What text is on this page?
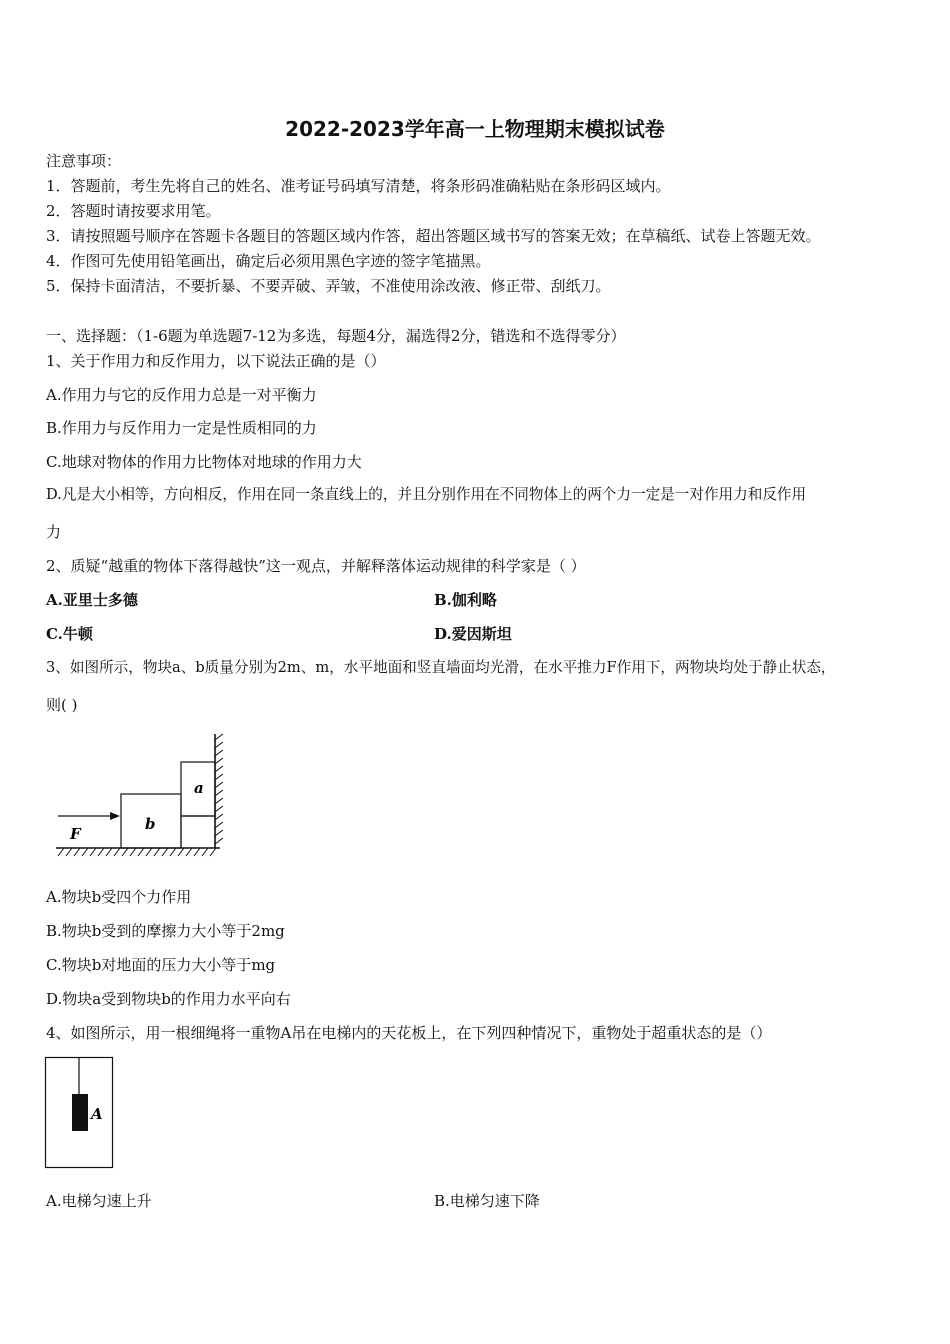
2022-2023学年高一上物理期末模拟试卷
注意事项：
1．答题前，考生先将自己的姓名、准考证号码填写清楚，将条形码准确粘贴在条形码区域内。
2．答题时请按要求用笔。
3．请按照题号顺序在答题卡各题目的答题区域内作答，超出答题区域书写的答案无效；在草稿纸、试卷上答题无效。
4．作图可先使用铅笔画出，确定后必须用黑色字迹的签字笔描黑。
5．保持卡面清洁，不要折暴、不要弄破、弄皱，不准使用涂改液、修正带、刮纸刀。
一、选择题：（1-6题为单选题7-12为多选，每题4分，漏选得2分，错选和不选得零分）
1、关于作用力和反作用力，以下说法正确的是（）
A.作用力与它的反作用力总是一对平衡力
B.作用力与反作用力一定是性质相同的力
C.地球对物体的作用力比物体对地球的作用力大
D.凡是大小相等，方向相反，作用在同一条直线上的，并且分别作用在不同物体上的两个力一定是一对作用力和反作用
力
2、质疑“越重的物体下落得越快”这一观点，并解释落体运动规律的科学家是（ ）
A.亚里士多德	B.伽利略
C.牛顿	D.爱因斯坦
3、如图所示，物块a、b质量分别为2m、m，水平地面和竖直墙面均光滑，在水平推力F作用下，两物块均处于静止状态，
则( )
F
b
a
A.物块b受四个力作用
B.物块b受到的摩擦力大小等于2mg
C.物块b对地面的压力大小等于mg
D.物块a受到物块b的作用力水平向右
4、如图所示，用一根细绳将一重物A吊在电梯内的天花板上，在下列四种情况下，重物处于超重状态的是（）
A
A.电梯匀速上升	B.电梯匀速下降
